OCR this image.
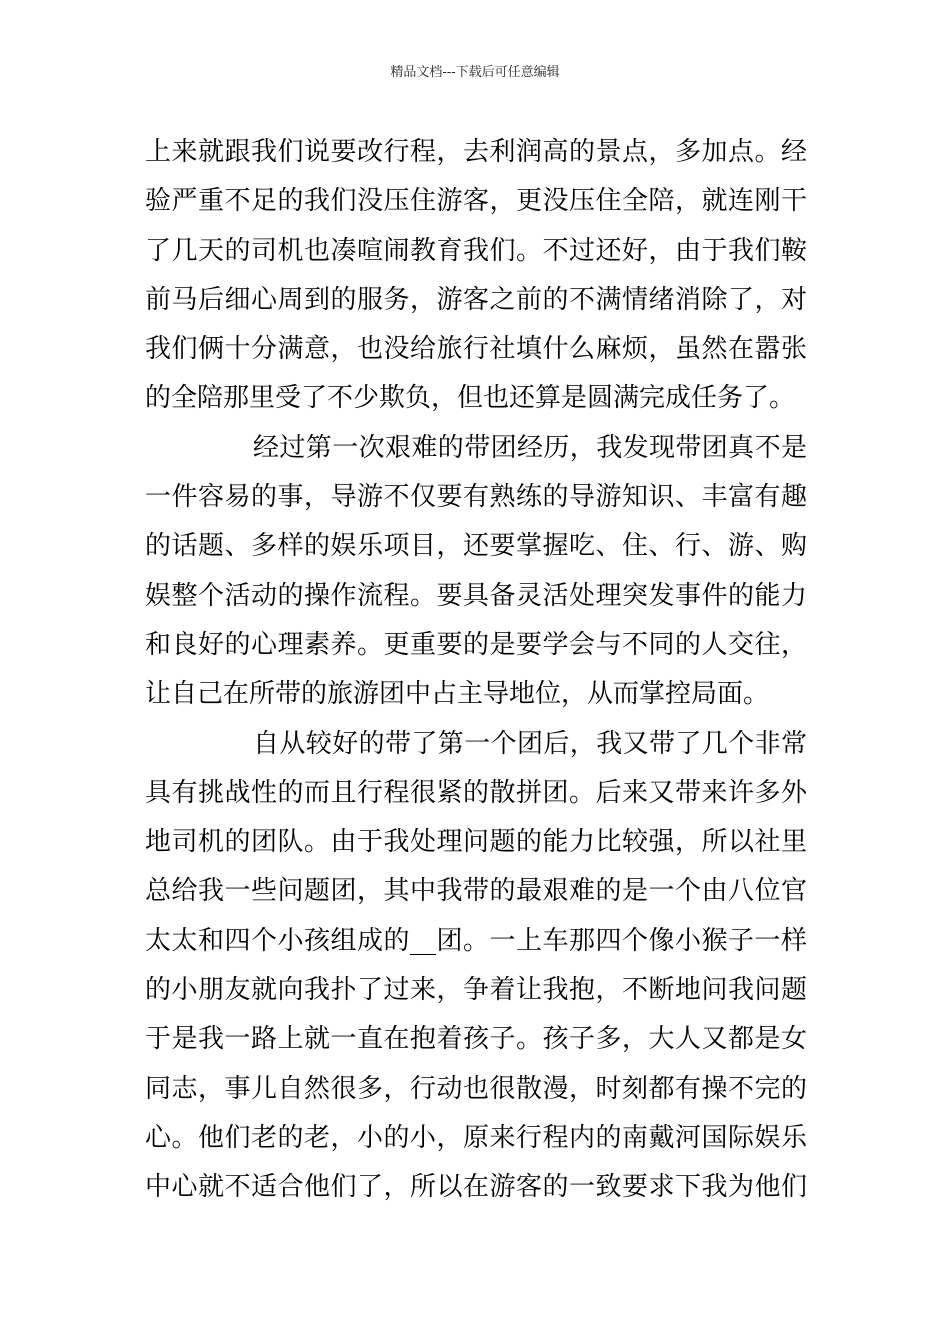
精品文档---下载后可任意编辑
上来就跟我们说要改行程，去利润高的景点，多加点。经
验严重不足的我们没压住游客，更没压住全陪，就连刚干
了几天的司机也凑喧闹教育我们。不过还好，由于我们鞍
前马后细心周到的服务，游客之前的不满情绪消除了，对
我们俩十分满意，也没给旅行社填什么麻烦，虽然在嚣张
的全陪那里受了不少欺负，但也还算是圆满完成任务了。
经过第一次艰难的带团经历，我发现带团真不是
一件容易的事，导游不仅要有熟练的导游知识、丰富有趣
的话题、多样的娱乐项目，还要掌握吃、住、行、游、购
娱整个活动的操作流程。要具备灵活处理突发事件的能力
和良好的心理素养。更重要的是要学会与不同的人交往，
让自己在所带的旅游团中占主导地位，从而掌控局面。
自从较好的带了第一个团后，我又带了几个非常
具有挑战性的而且行程很紧的散拼团。后来又带来许多外
地司机的团队。由于我处理问题的能力比较强，所以社里
总给我一些问题团，其中我带的最艰难的是一个由八位官
太太和四个小孩组成的__团。一上车那四个像小猴子一样
的小朋友就向我扑了过来，争着让我抱，不断地问我问题
于是我一路上就一直在抱着孩子。孩子多，大人又都是女
同志，事儿自然很多，行动也很散漫，时刻都有操不完的
心。他们老的老，小的小，原来行程内的南戴河国际娱乐
中心就不适合他们了，所以在游客的一致要求下我为他们
